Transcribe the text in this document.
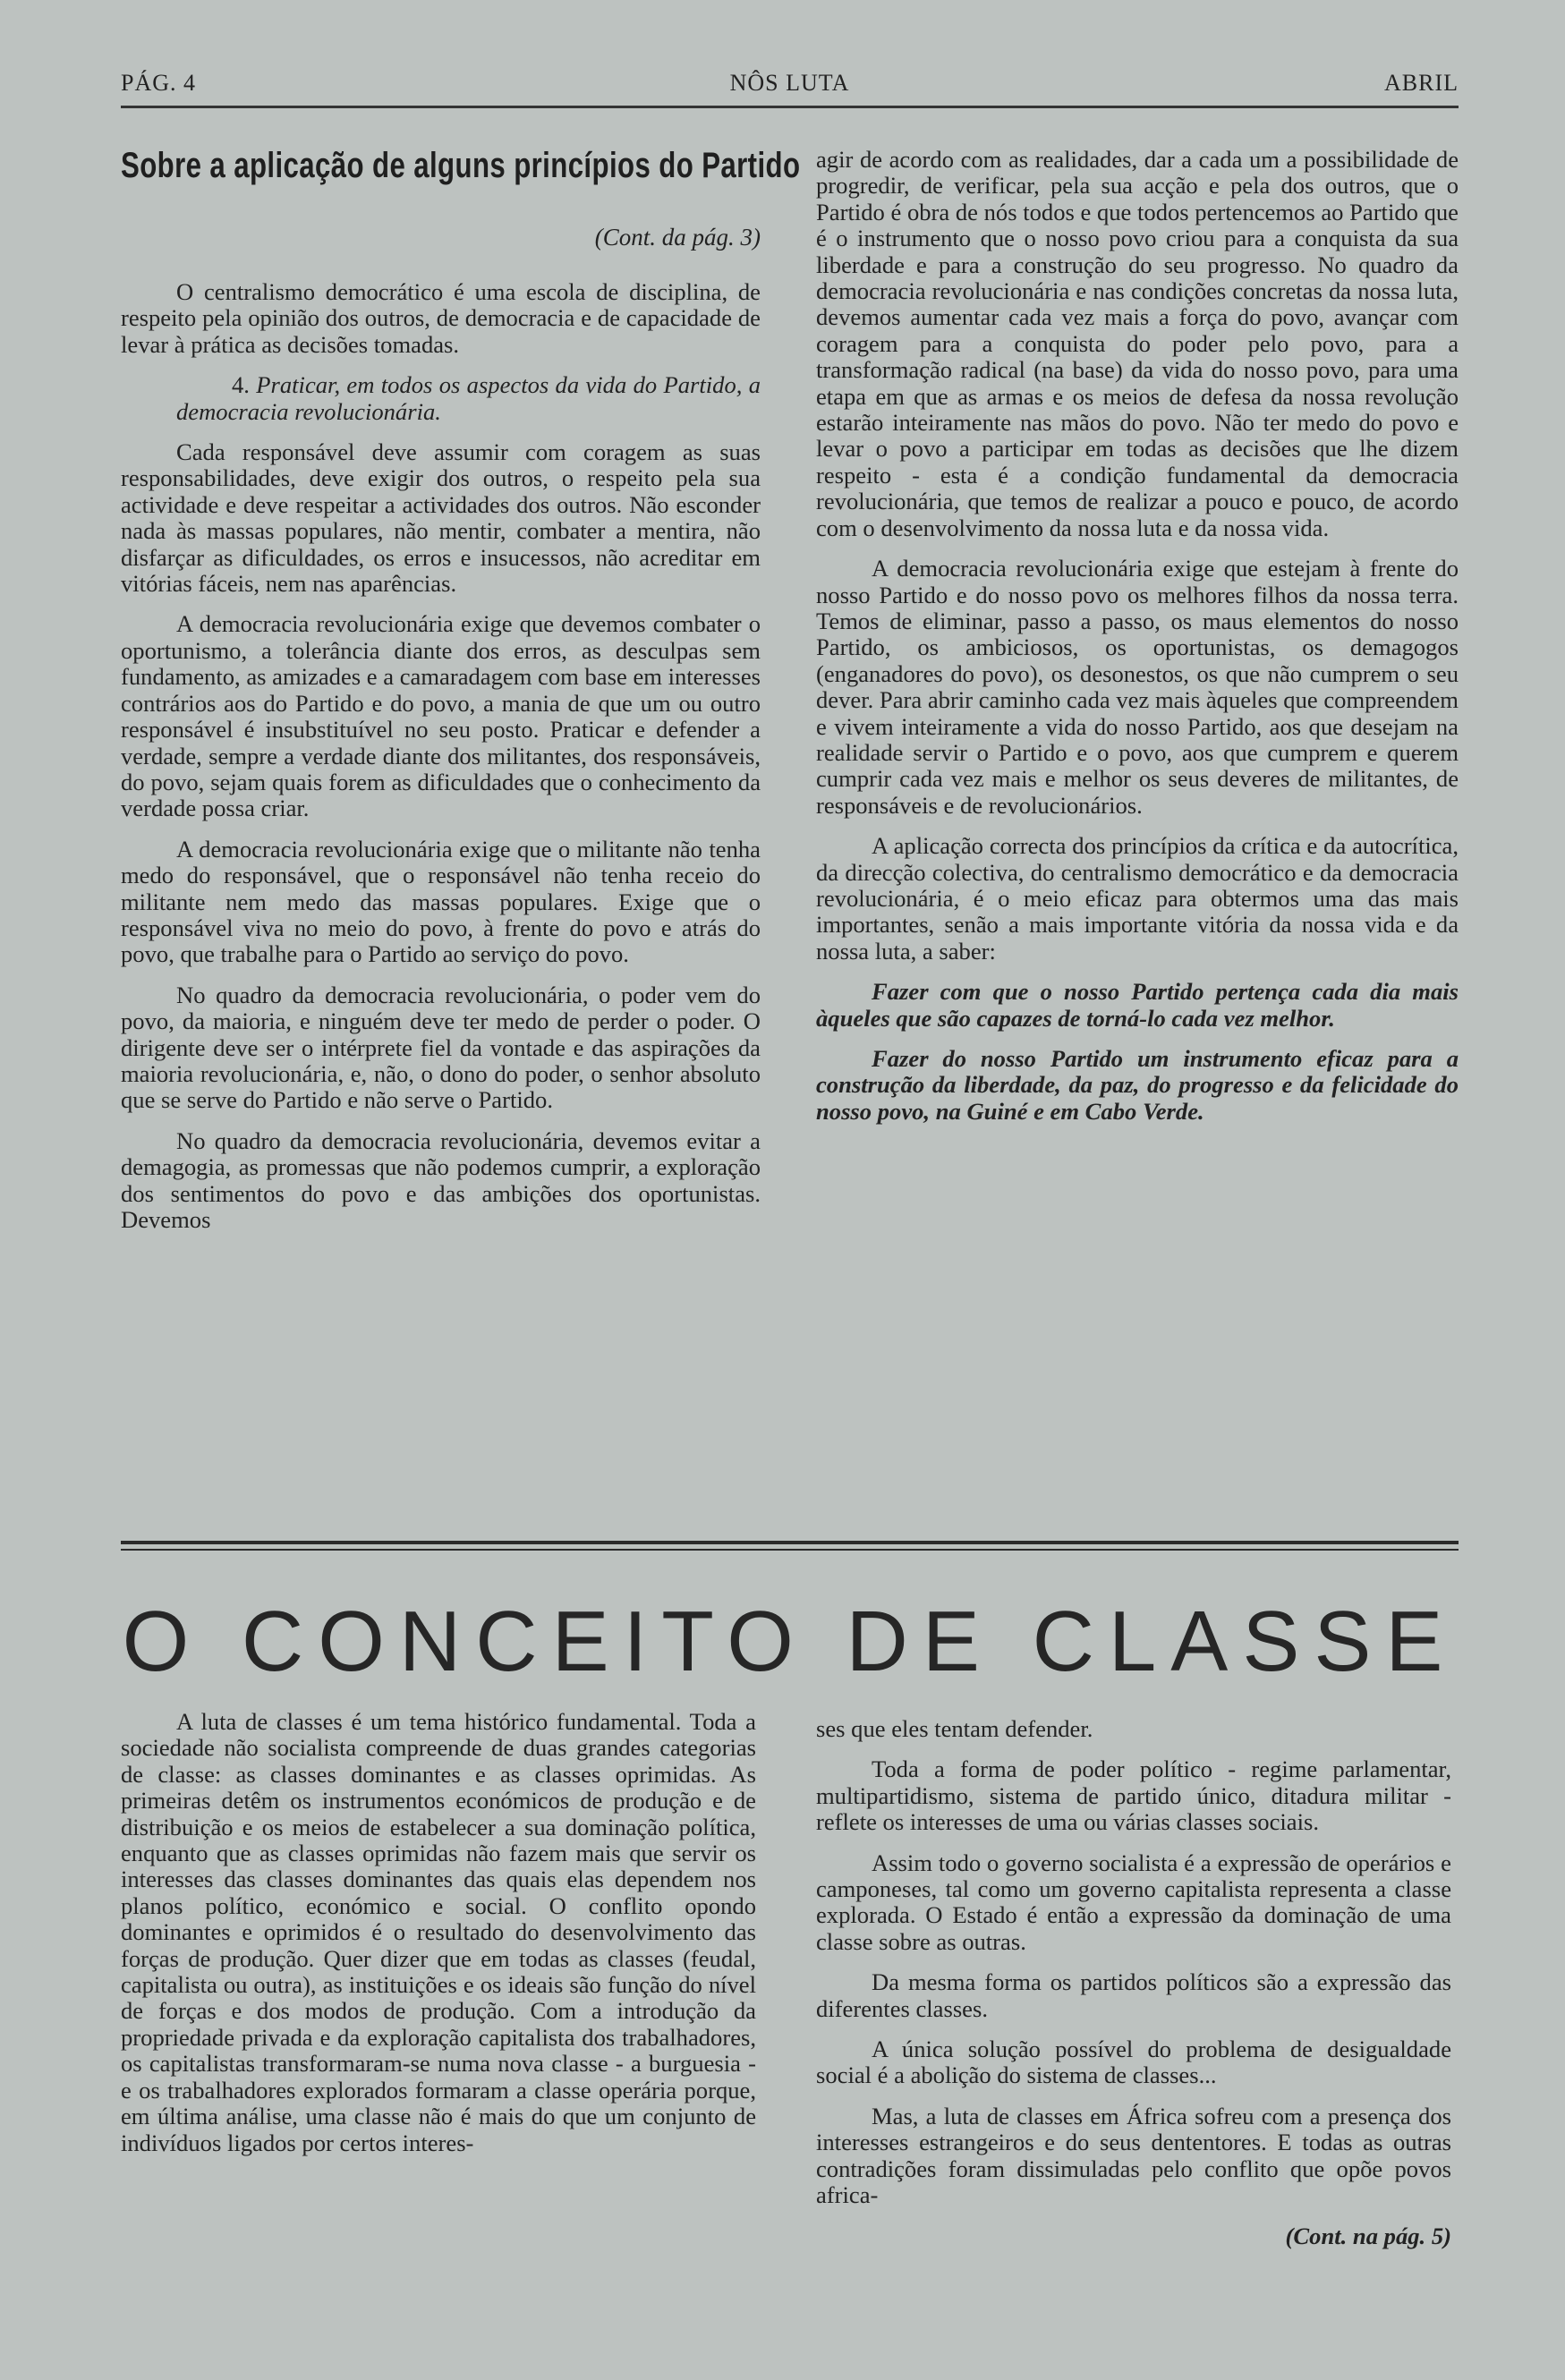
PÁG. 4	NÔS LUTA	ABRIL
Sobre a aplicação de alguns princípios do Partido
(Cont. da pág. 3)

O centralismo democrático é uma escola de disciplina, de respeito pela opinião dos outros, de democracia e de capacidade de levar à prática as decisões tomadas.

4. Praticar, em todos os aspectos da vida do Partido, a democracia revolucionária.

Cada responsável deve assumir com coragem as suas responsabilidades, deve exigir dos outros, o respeito pela sua actividade e deve respeitar a actividades dos outros. Não esconder nada às massas populares, não mentir, combater a mentira, não disfarçar as dificuldades, os erros e insucessos, não acreditar em vitórias fáceis, nem nas aparências.

A democracia revolucionária exige que devemos combater o oportunismo, a tolerância diante dos erros, as desculpas sem fundamento, as amizades e a camaradagem com base em interesses contrários aos do Partido e do povo, a mania de que um ou outro responsável é insubstituível no seu posto. Praticar e defender a verdade, sempre a verdade diante dos militantes, dos responsáveis, do povo, sejam quais forem as dificuldades que o conhecimento da verdade possa criar.

A democracia revolucionária exige que o militante não tenha medo do responsável, que o responsável não tenha receio do militante nem medo das massas populares. Exige que o responsável viva no meio do povo, à frente do povo e atrás do povo, que trabalhe para o Partido ao serviço do povo.

No quadro da democracia revolucionária, o poder vem do povo, da maioria, e ninguém deve ter medo de perder o poder. O dirigente deve ser o intérprete fiel da vontade e das aspirações da maioria revolucionária, e, não, o dono do poder, o senhor absoluto que se serve do Partido e não serve o Partido.

No quadro da democracia revolucionária, devemos evitar a demagogia, as promessas que não podemos cumprir, a exploração dos sentimentos do povo e das ambições dos oportunistas. Devemos

agir de acordo com as realidades, dar a cada um a possibilidade de progredir, de verificar, pela sua acção e pela dos outros, que o Partido é obra de nós todos e que todos pertencemos ao Partido que é o instrumento que o nosso povo criou para a conquista da sua liberdade e para a construção do seu progresso. No quadro da democracia revolucionária e nas condições concretas da nossa luta, devemos aumentar cada vez mais a força do povo, avançar com coragem para a conquista do poder pelo povo, para a transformação radical (na base) da vida do nosso povo, para uma etapa em que as armas e os meios de defesa da nossa revolução estarão inteiramente nas mãos do povo. Não ter medo do povo e levar o povo a participar em todas as decisões que lhe dizem respeito - esta é a condição fundamental da democracia revolucionária, que temos de realizar a pouco e pouco, de acordo com o desenvolvimento da nossa luta e da nossa vida.

A democracia revolucionária exige que estejam à frente do nosso Partido e do nosso povo os melhores filhos da nossa terra. Temos de eliminar, passo a passo, os maus elementos do nosso Partido, os ambiciosos, os oportunistas, os demagogos (enganadores do povo), os desonestos, os que não cumprem o seu dever. Para abrir caminho cada vez mais àqueles que compreendem e vivem inteiramente a vida do nosso Partido, aos que desejam na realidade servir o Partido e o povo, aos que cumprem e querem cumprir cada vez mais e melhor os seus deveres de militantes, de responsáveis e de revolucionários.

A aplicação correcta dos princípios da crítica e da autocrítica, da direcção colectiva, do centralismo democrático e da democracia revolucionária, é o meio eficaz para obtermos uma das mais importantes, senão a mais importante vitória da nossa vida e da nossa luta, a saber:

Fazer com que o nosso Partido pertença cada dia mais àqueles que são capazes de torná-lo cada vez melhor.

Fazer do nosso Partido um instrumento eficaz para a construção da liberdade, da paz, do progresso e da felicidade do nosso povo, na Guiné e em Cabo Verde.

O CONCEITO DE CLASSE

A luta de classes é um tema histórico fundamental. Toda a sociedade não socialista compreende de duas grandes categorias de classe: as classes dominantes e as classes oprimidas. As primeiras detêm os instrumentos económicos de produção e de distribuição e os meios de estabelecer a sua dominação política, enquanto que as classes oprimidas não fazem mais que servir os interesses das classes dominantes das quais elas dependem nos planos político, económico e social. O conflito opondo dominantes e oprimidos é o resultado do desenvolvimento das forças de produção. Quer dizer que em todas as classes (feudal, capitalista ou outra), as instituições e os ideais são função do nível de forças e dos modos de produção. Com a introdução da propriedade privada e da exploração capitalista dos trabalhadores, os capitalistas transformaram-se numa nova classe - a burguesia - e os trabalhadores explorados formaram a classe operária porque, em última análise, uma classe não é mais do que um conjunto de indivíduos ligados por certos interes-

ses que eles tentam defender.

Toda a forma de poder político - regime parlamentar, multipartidismo, sistema de partido único, ditadura militar - reflete os interesses de uma ou várias classes sociais.

Assim todo o governo socialista é a expressão de operários e camponeses, tal como um governo capitalista representa a classe explorada. O Estado é então a expressão da dominação de uma classe sobre as outras.

Da mesma forma os partidos políticos são a expressão das diferentes classes.

A única solução possível do problema de desigualdade social é a abolição do sistema de classes...

Mas, a luta de classes em África sofreu com a presença dos interesses estrangeiros e do seus dententores. E todas as outras contradições foram dissimuladas pelo conflito que opõe povos africa-

(Cont. na pág. 5)
